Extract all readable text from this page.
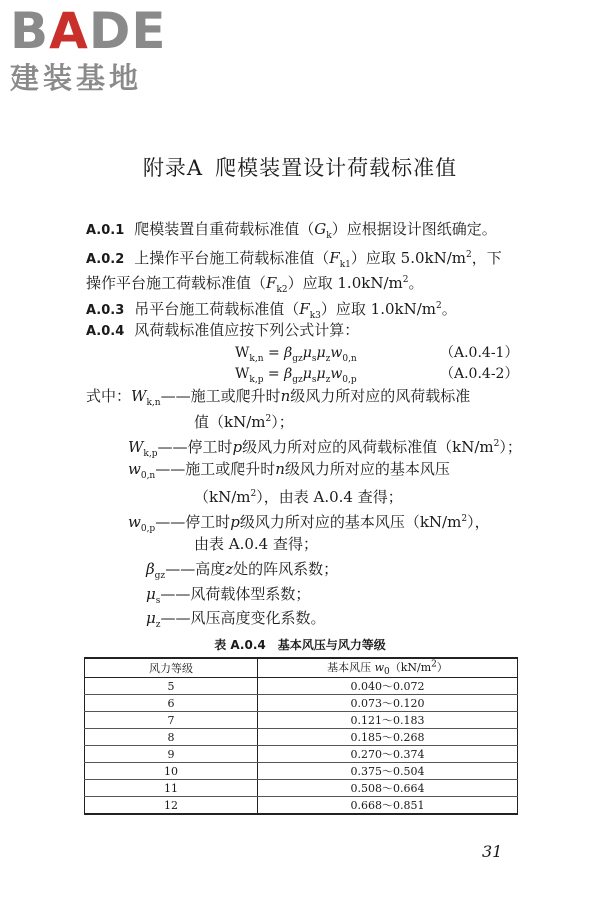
BADE
建装基地
附录A 爬模装置设计荷载标准值
A.0.1 爬模装置自重荷载标准值$(G_k)$应根据设计图纸确定。
A.0.2 上操作平台施工荷载标准值$(F_{k1})$应取 $5.0kN/m^2$，下
操作平台施工荷载标准值$(F_{k2})$应取 $1.0kN/m^2$。
A.0.3 吊平台施工荷载标准值$(F_{k3})$应取 $1.0kN/m^2$。
A.0.4 风荷载标准值应按下列公式计算：
$W_{k,n} = \beta_{gz}\mu_s\mu_zw_{0,n}$	（A.0.4-1）
$W_{k,p} = \beta_{gz}\mu_s\mu_zw_{0,p}$	（A.0.4-2）
式中：$W_{k,n}——$施工或爬升时n级风力所对应的风荷载标准
值$(kN/m^2)$；
$W_{k,p}——$停工时p级风力所对应的风荷载标准值$(kN/m^2)$；
$w_{0,n}——$施工或爬升时n级风力所对应的基本风压
$(kN/m^2)$，由表 A.0.4 查得；
$w_{0,p}——$停工时p级风力所对应的基本风压$(kN/m^2)$，
由表 A.0.4 查得；
$\beta_{gz}——$高度z处的阵风系数；
$\mu_s——$风荷载体型系数；
$\mu_z——$风压高度变化系数。
表 A.0.4 基本风压与风力等级
风力等级	基本风压 $w_0(kN/m^2)$
5	0.040～0.072
6	0.073～0.120
7	0.121～0.183
8	0.185～0.268
9	0.270～0.374
10	0.375～0.504
11	0.508～0.664
12	0.668～0.851
31
